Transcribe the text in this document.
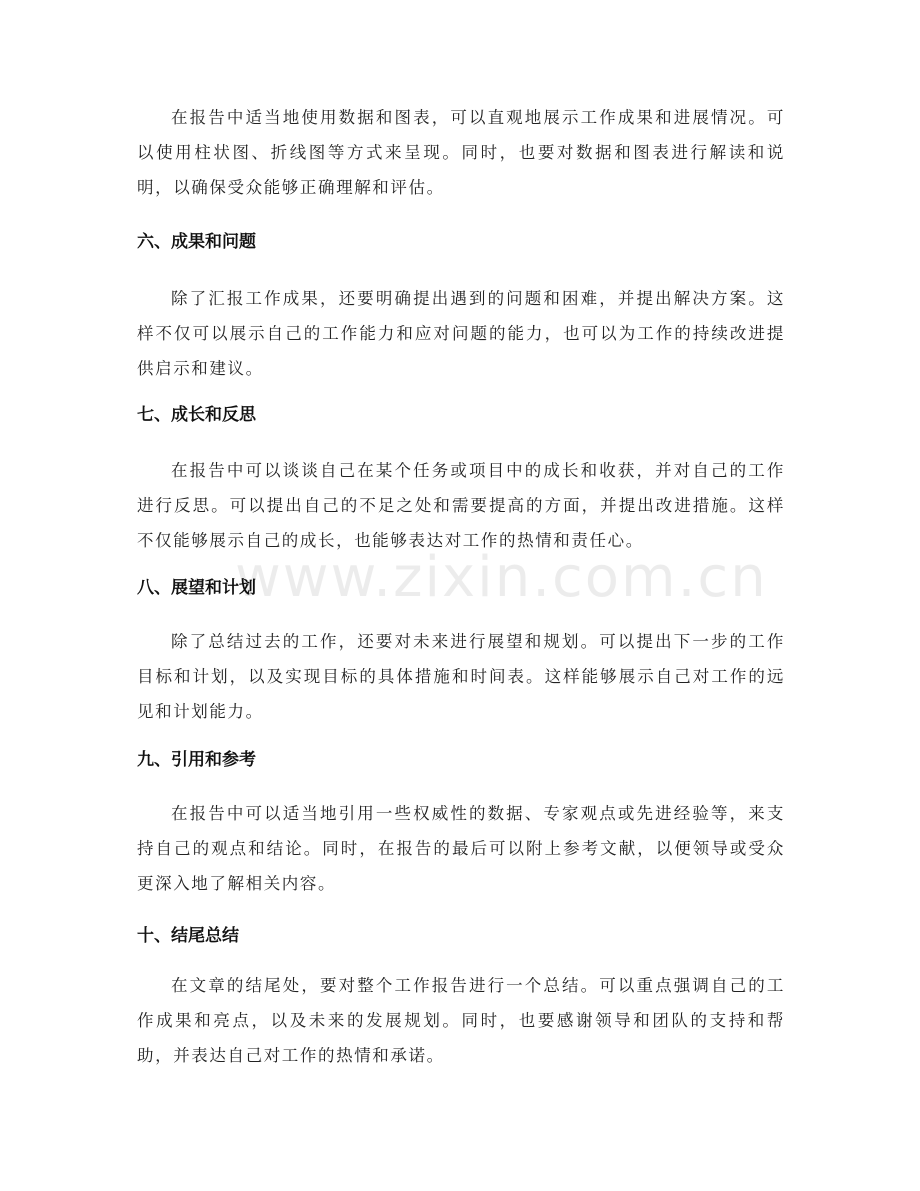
在报告中适当地使用数据和图表，可以直观地展示工作成果和进展情况。可以使用柱状图、折线图等方式来呈现。同时，也要对数据和图表进行解读和说明，以确保受众能够正确理解和评估。

六、成果和问题

除了汇报工作成果，还要明确提出遇到的问题和困难，并提出解决方案。这样不仅可以展示自己的工作能力和应对问题的能力，也可以为工作的持续改进提供启示和建议。

七、成长和反思

在报告中可以谈谈自己在某个任务或项目中的成长和收获，并对自己的工作进行反思。可以提出自己的不足之处和需要提高的方面，并提出改进措施。这样不仅能够展示自己的成长，也能够表达对工作的热情和责任心。

八、展望和计划

除了总结过去的工作，还要对未来进行展望和规划。可以提出下一步的工作目标和计划，以及实现目标的具体措施和时间表。这样能够展示自己对工作的远见和计划能力。

九、引用和参考

在报告中可以适当地引用一些权威性的数据、专家观点或先进经验等，来支持自己的观点和结论。同时，在报告的最后可以附上参考文献，以便领导或受众更深入地了解相关内容。

十、结尾总结

在文章的结尾处，要对整个工作报告进行一个总结。可以重点强调自己的工作成果和亮点，以及未来的发展规划。同时，也要感谢领导和团队的支持和帮助，并表达自己对工作的热情和承诺。

www.zixin.com.cn
